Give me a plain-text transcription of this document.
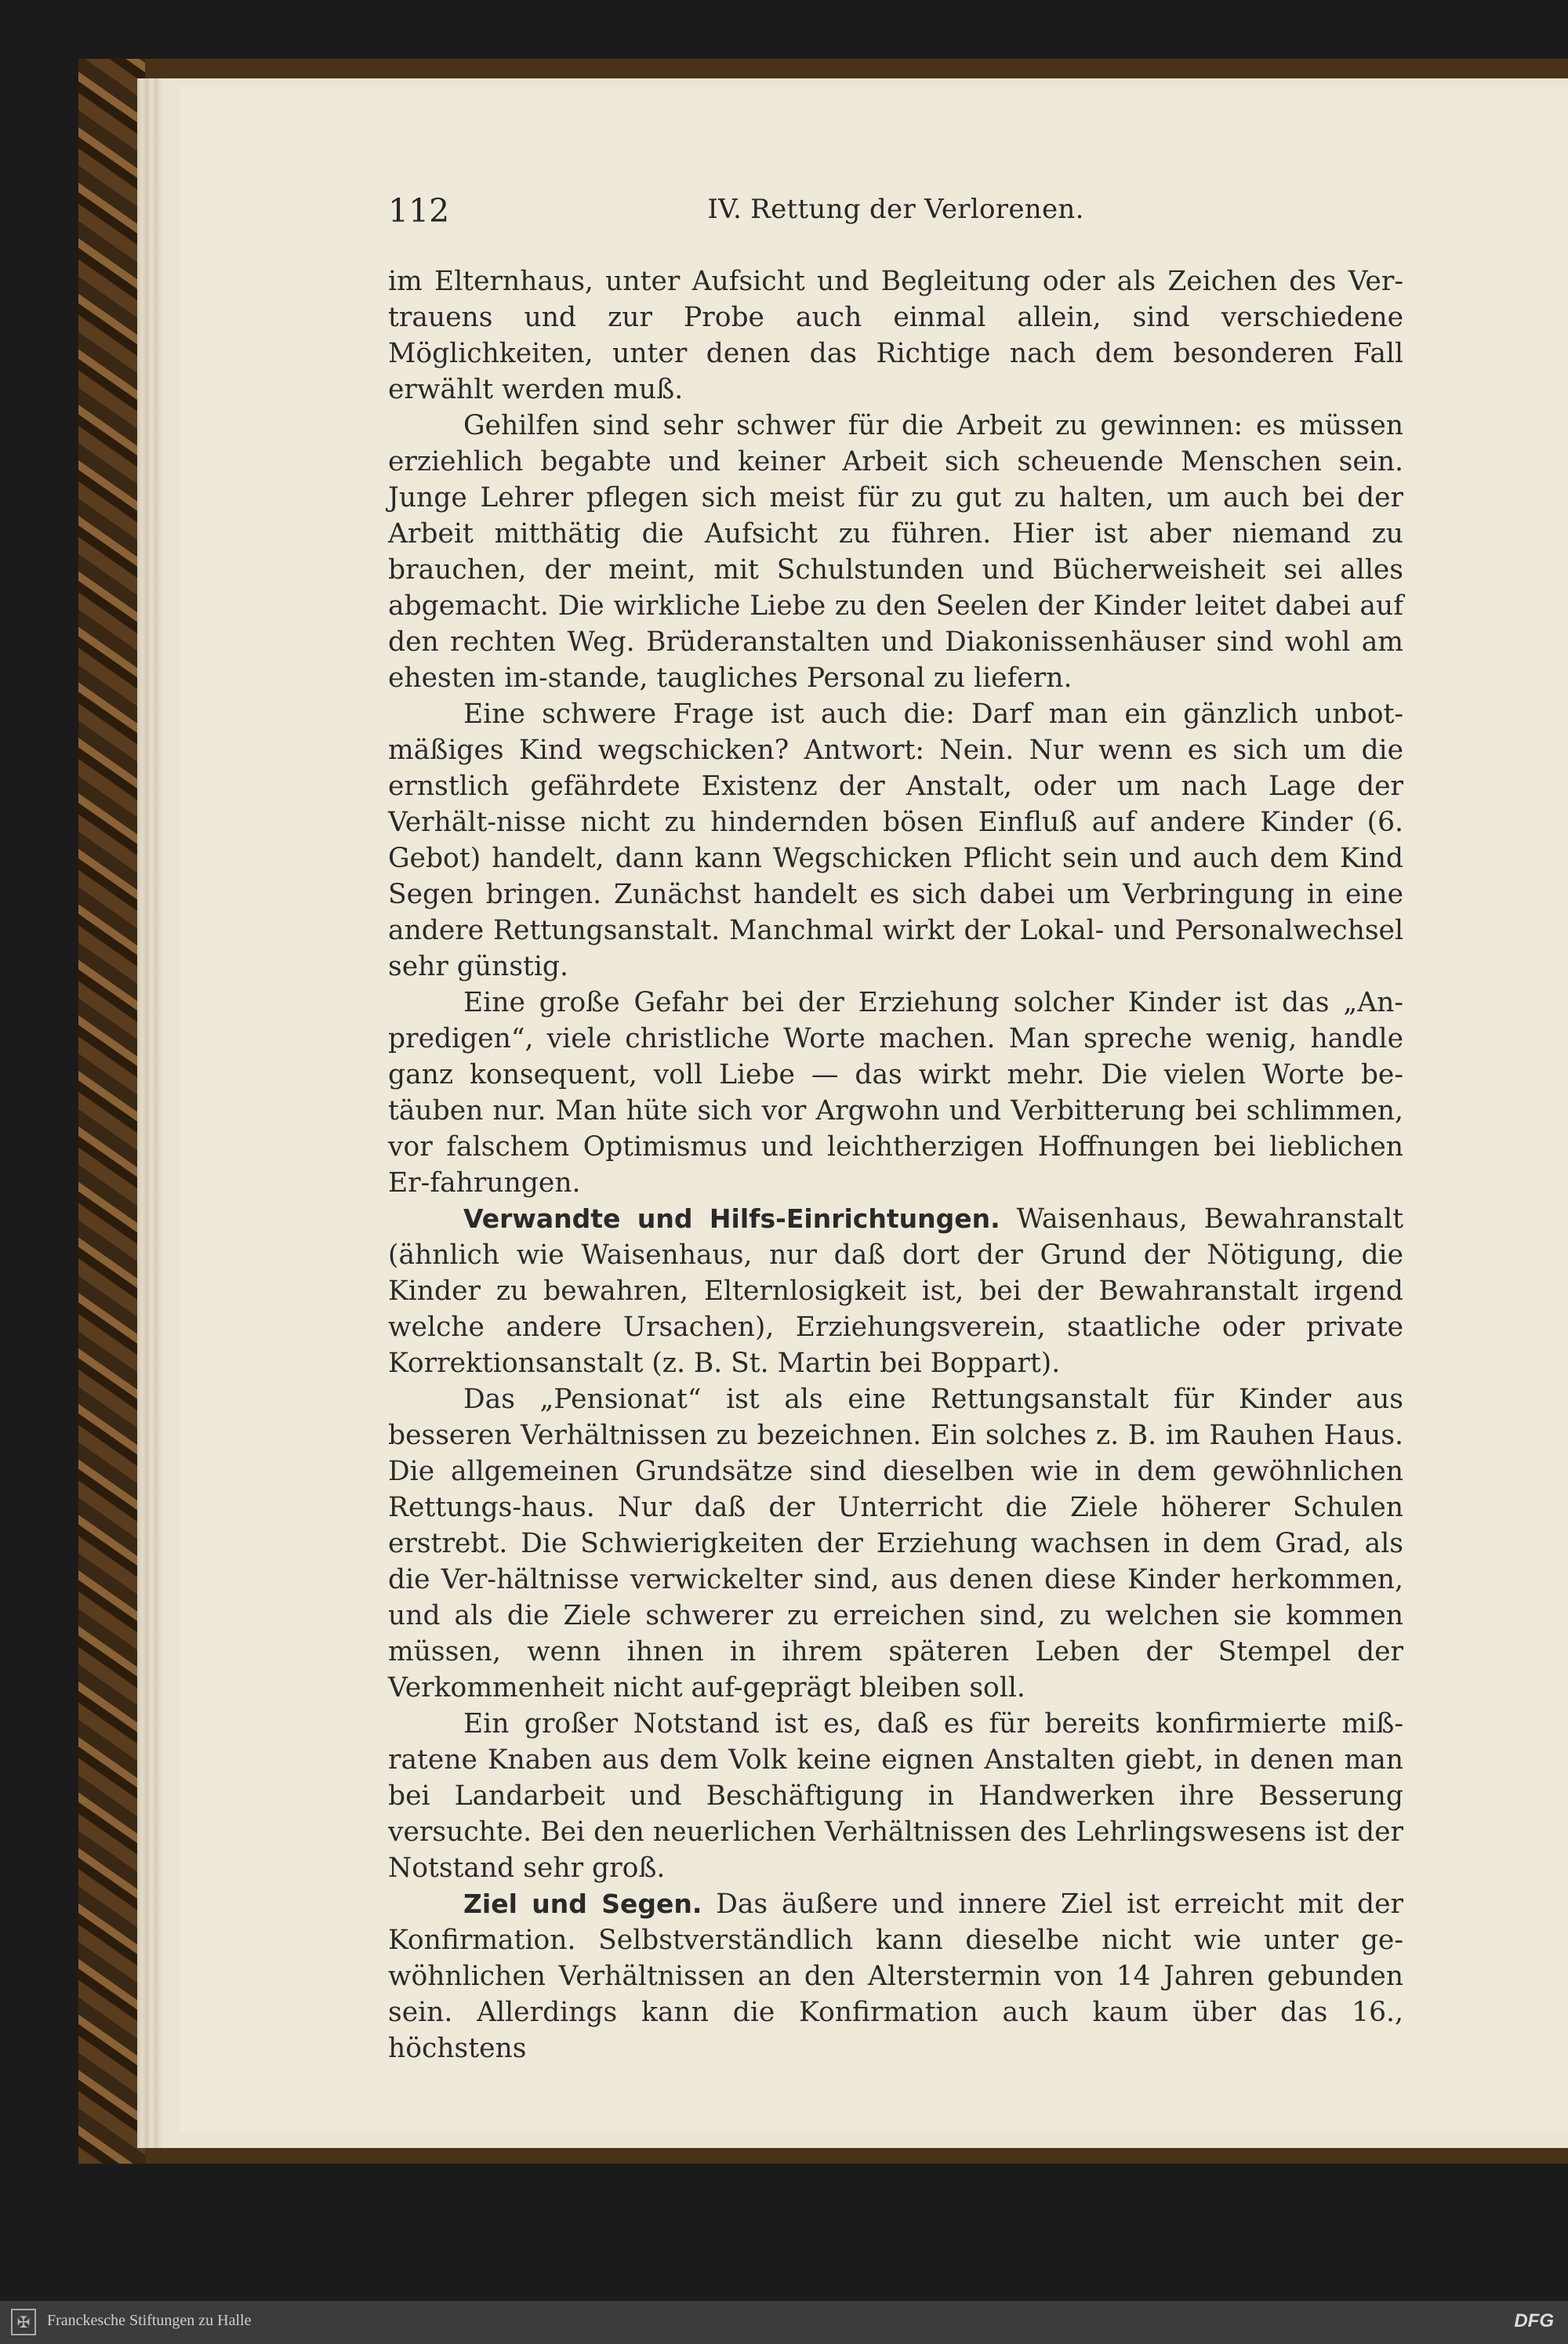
112	IV. Rettung der Verlorenen.

im Elternhaus, unter Aufsicht und Begleitung oder als Zeichen des Ver-trauens und zur Probe auch einmal allein, sind verschiedene Möglichkeiten, unter denen das Richtige nach dem besonderen Fall erwählt werden muß.

Gehilfen sind sehr schwer für die Arbeit zu gewinnen: es müssen erziehlich begabte und keiner Arbeit sich scheuende Menschen sein. Junge Lehrer pflegen sich meist für zu gut zu halten, um auch bei der Arbeit mitthätig die Aufsicht zu führen. Hier ist aber niemand zu brauchen, der meint, mit Schulstunden und Bücherweisheit sei alles abgemacht. Die wirkliche Liebe zu den Seelen der Kinder leitet dabei auf den rechten Weg. Brüderanstalten und Diakonissenhäuser sind wohl am ehesten im-stande, taugliches Personal zu liefern.

Eine schwere Frage ist auch die: Darf man ein gänzlich unbot-mäßiges Kind wegschicken? Antwort: Nein. Nur wenn es sich um die ernstlich gefährdete Existenz der Anstalt, oder um nach Lage der Verhält-nisse nicht zu hindernden bösen Einfluß auf andere Kinder (6. Gebot) handelt, dann kann Wegschicken Pflicht sein und auch dem Kind Segen bringen. Zunächst handelt es sich dabei um Verbringung in eine andere Rettungsanstalt. Manchmal wirkt der Lokal- und Personalwechsel sehr günstig.

Eine große Gefahr bei der Erziehung solcher Kinder ist das „An-predigen“, viele christliche Worte machen. Man spreche wenig, handle ganz konsequent, voll Liebe — das wirkt mehr. Die vielen Worte be-täuben nur. Man hüte sich vor Argwohn und Verbitterung bei schlimmen, vor falschem Optimismus und leichtherzigen Hoffnungen bei lieblichen Er-fahrungen.

Verwandte und Hilfs-Einrichtungen. Waisenhaus, Bewahranstalt (ähnlich wie Waisenhaus, nur daß dort der Grund der Nötigung, die Kinder zu bewahren, Elternlosigkeit ist, bei der Bewahranstalt irgend welche andere Ursachen), Erziehungsverein, staatliche oder private Korrektionsanstalt (z. B. St. Martin bei Boppart).

Das „Pensionat“ ist als eine Rettungsanstalt für Kinder aus besseren Verhältnissen zu bezeichnen. Ein solches z. B. im Rauhen Haus. Die allgemeinen Grundsätze sind dieselben wie in dem gewöhnlichen Rettungs-haus. Nur daß der Unterricht die Ziele höherer Schulen erstrebt. Die Schwierigkeiten der Erziehung wachsen in dem Grad, als die Ver-hältnisse verwickelter sind, aus denen diese Kinder herkommen, und als die Ziele schwerer zu erreichen sind, zu welchen sie kommen müssen, wenn ihnen in ihrem späteren Leben der Stempel der Verkommenheit nicht auf-geprägt bleiben soll.

Ein großer Notstand ist es, daß es für bereits konfirmierte miß-ratene Knaben aus dem Volk keine eignen Anstalten giebt, in denen man bei Landarbeit und Beschäftigung in Handwerken ihre Besserung versuchte. Bei den neuerlichen Verhältnissen des Lehrlingswesens ist der Notstand sehr groß.

Ziel und Segen. Das äußere und innere Ziel ist erreicht mit der Konfirmation. Selbstverständlich kann dieselbe nicht wie unter ge-wöhnlichen Verhältnissen an den Alterstermin von 14 Jahren gebunden sein. Allerdings kann die Konfirmation auch kaum über das 16., höchstens

✠	Franckesche Stiftungen zu Halle	DFG
